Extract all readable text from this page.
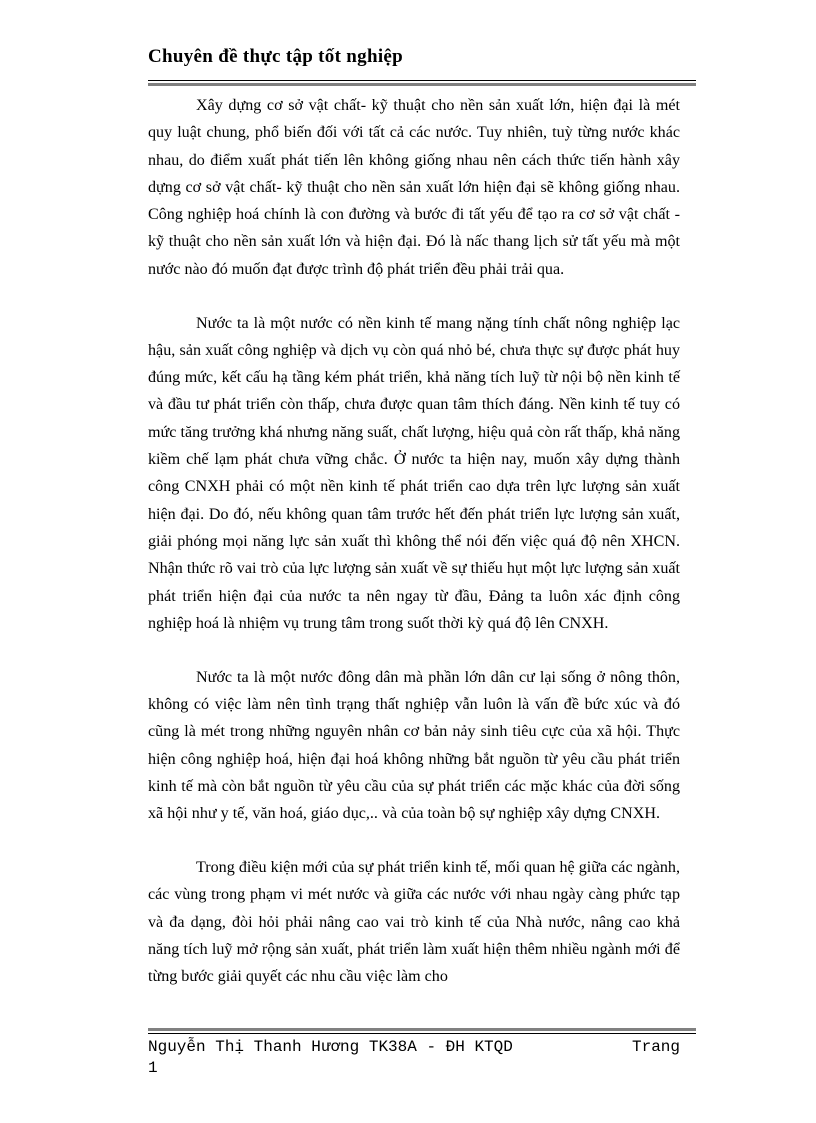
Chuyên đề thực tập tốt nghiệp

Xây dựng cơ sở vật chất- kỹ thuật cho nền sản xuất lớn, hiện đại là mét quy luật chung, phổ biến đối với tất cả các nước. Tuy nhiên, tuỳ từng nước khác nhau, do điểm xuất phát tiến lên không giống nhau nên cách thức tiến hành xây dựng cơ sở vật chất- kỹ thuật cho nền sản xuất lớn hiện đại sẽ không giống nhau. Công nghiệp hoá chính là con đường và bước đi tất yếu để tạo ra cơ sở vật chất - kỹ thuật cho nền sản xuất lớn và hiện đại. Đó là nấc thang lịch sử tất yếu mà một nước nào đó muốn đạt được trình độ phát triển đều phải trải qua.

Nước ta là một nước có nền kinh tế mang nặng tính chất nông nghiệp lạc hậu, sản xuất công nghiệp và dịch vụ còn quá nhỏ bé, chưa thực sự được phát huy đúng mức, kết cấu hạ tầng kém phát triển, khả năng tích luỹ từ nội bộ nền kinh tế và đầu tư phát triển còn thấp, chưa được quan tâm thích đáng. Nền kinh tế tuy có mức tăng trưởng khá nhưng năng suất, chất lượng, hiệu quả còn rất thấp, khả năng kiềm chế lạm phát chưa vững chắc. Ở nước ta hiện nay, muốn xây dựng thành công CNXH phải có một nền kinh tế phát triển cao dựa trên lực lượng sản xuất hiện đại. Do đó, nếu không quan tâm trước hết đến phát triển lực lượng sản xuất, giải phóng mọi năng lực sản xuất thì không thể nói đến việc quá độ nên XHCN. Nhận thức rõ vai trò của lực lượng sản xuất về sự thiếu hụt một lực lượng sản xuất phát triển hiện đại của nước ta nên ngay từ đầu, Đảng ta luôn xác định công nghiệp hoá là nhiệm vụ trung tâm trong suốt thời kỳ quá độ lên CNXH.

Nước ta là một nước đông dân mà phần lớn dân cư lại sống ở nông thôn, không có việc làm nên tình trạng thất nghiệp vẫn luôn là vấn đề bức xúc và đó cũng là mét trong những nguyên nhân cơ bản nảy sinh tiêu cực của xã hội. Thực hiện công nghiệp hoá, hiện đại hoá không những bắt nguồn từ yêu cầu phát triển kinh tế mà còn bắt nguồn từ yêu cầu của sự phát triển các mặc khác của đời sống xã hội như y tế, văn hoá, giáo dục,.. và của toàn bộ sự nghiệp xây dựng CNXH.

Trong điều kiện mới của sự phát triển kinh tế, mối quan hệ giữa các ngành, các vùng trong phạm vi mét nước và giữa các nước với nhau ngày càng phức tạp và đa dạng, đòi hỏi phải nâng cao vai trò kinh tế của Nhà nước, nâng cao khả năng tích luỹ mở rộng sản xuất, phát triển làm xuất hiện thêm nhiều ngành mới để từng bước giải quyết các nhu cầu việc làm cho

Nguyễn Thị Thanh Hương TK38A - ĐH KTQD	Trang
1
